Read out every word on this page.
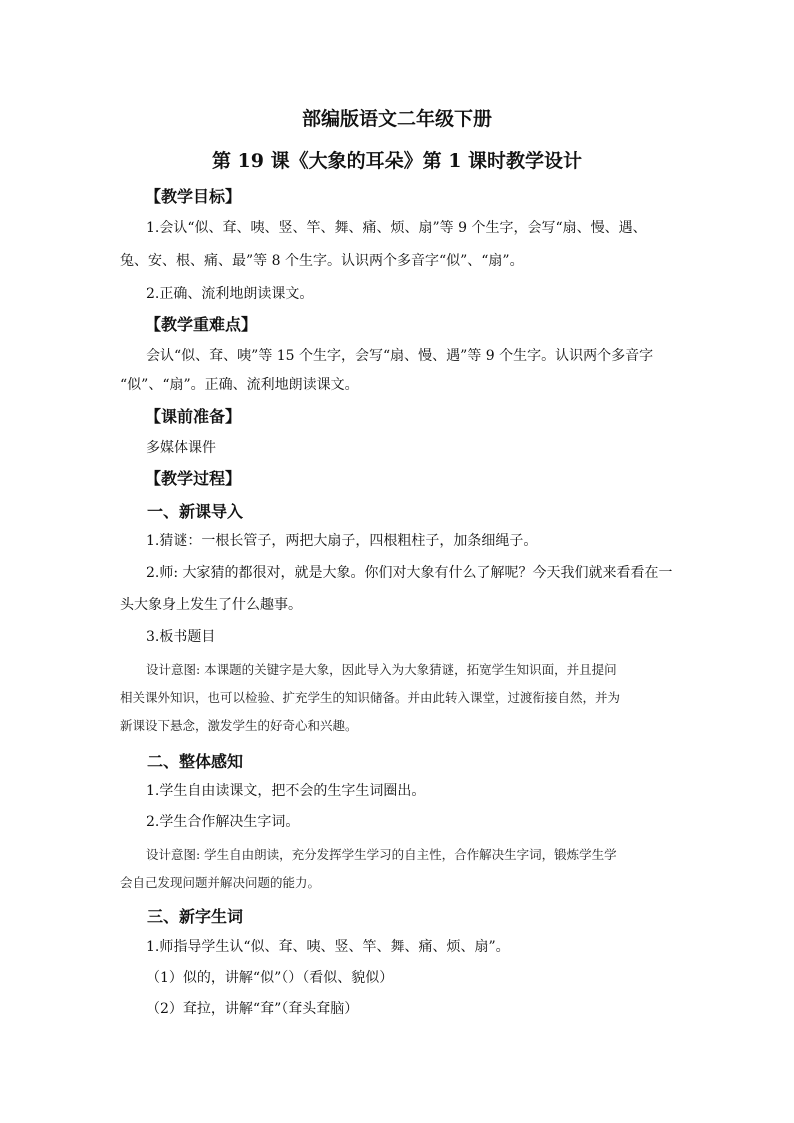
部编版语文二年级下册
第 19 课《大象的耳朵》第 1 课时教学设计
【教学目标】
1.会认“似、耷、咦、竖、竿、舞、痛、烦、扇”等 9 个生字，会写“扇、慢、遇、
兔、安、根、痛、最”等 8 个生字。认识两个多音字“似”、“扇”。
2.正确、流利地朗读课文。
【教学重难点】
会认“似、耷、咦”等 15 个生字，会写“扇、慢、遇”等 9 个生字。认识两个多音字
“似”、“扇”。正确、流利地朗读课文。
【课前准备】
多媒体课件
【教学过程】
一、新课导入
1.猜谜：一根长管子，两把大扇子，四根粗柱子，加条细绳子。
2.师: 大家猜的都很对，就是大象。你们对大象有什么了解呢？今天我们就来看看在一
头大象身上发生了什么趣事。
3.板书题目
设计意图: 本课题的关键字是大象，因此导入为大象猜谜，拓宽学生知识面，并且提问
相关课外知识，也可以检验、扩充学生的知识储备。并由此转入课堂，过渡衔接自然，并为
新课设下悬念，激发学生的好奇心和兴趣。
二、整体感知
1.学生自由读课文，把不会的生字生词圈出。
2.学生合作解决生字词。
设计意图: 学生自由朗读，充分发挥学生学习的自主性，合作解决生字词，锻炼学生学
会自己发现问题并解决问题的能力。
三、新字生词
1.师指导学生认“似、耷、咦、竖、竿、舞、痛、烦、扇”。
（1）似的，讲解“似”（）（看似、貌似）
（2）耷拉，讲解“耷”（耷头耷脑）
